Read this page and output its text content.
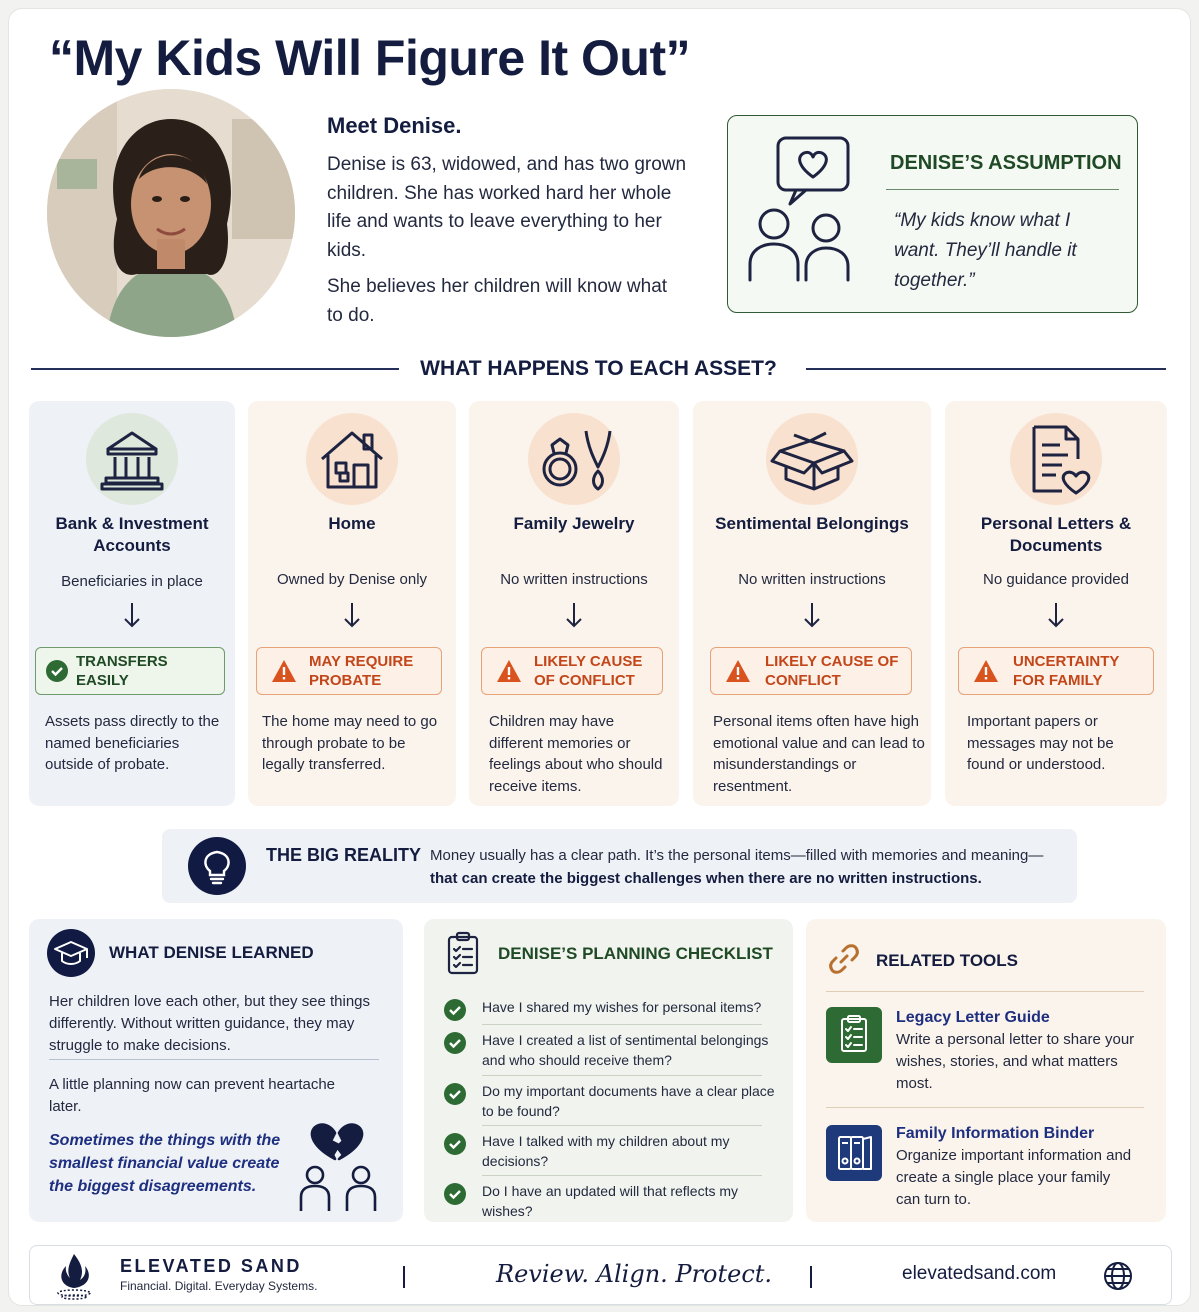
“My Kids Will Figure It Out”
Meet Denise.

Denise is 63, widowed, and has two grown children. She has worked hard her whole life and wants to leave everything to her kids.

She believes her children will know what to do.

DENISE’S ASSUMPTION
“My kids know what I want. They’ll handle it together.”
WHAT HAPPENS TO EACH ASSET?
Bank & Investment Accounts
Beneficiaries in place
TRANSFERS EASILY
Assets pass directly to the named beneficiaries outside of probate.
Home
Owned by Denise only
MAY REQUIRE PROBATE
The home may need to go through probate to be legally transferred.
Family Jewelry
No written instructions
LIKELY CAUSE OF CONFLICT
Children may have different memories or feelings about who should receive items.
Sentimental Belongings
No written instructions
LIKELY CAUSE OF CONFLICT
Personal items often have high emotional value and can lead to misunderstandings or resentment.
Personal Letters & Documents
No guidance provided
UNCERTAINTY FOR FAMILY
Important papers or messages may not be found or understood.
THE BIG REALITY Money usually has a clear path. It’s the personal items—filled with memories and meaning—
that can create the biggest challenges when there are no written instructions.
WHAT DENISE LEARNED
Her children love each other, but they see things differently. Without written guidance, they may struggle to make decisions.
A little planning now can prevent heartache later.
Sometimes the things with the smallest financial value create the biggest disagreements.
DENISE’S PLANNING CHECKLIST
Have I shared my wishes for personal items?
Have I created a list of sentimental belongings and who should receive them?
Do my important documents have a clear place to be found?
Have I talked with my children about my decisions?
Do I have an updated will that reflects my wishes?
RELATED TOOLS
Legacy Letter Guide
Write a personal letter to share your wishes, stories, and what matters most.
Family Information Binder
Organize important information and create a single place your family can turn to.
ELEVATED SAND
Financial. Digital. Everyday Systems.	Review. Align. Protect.	elevatedsand.com
